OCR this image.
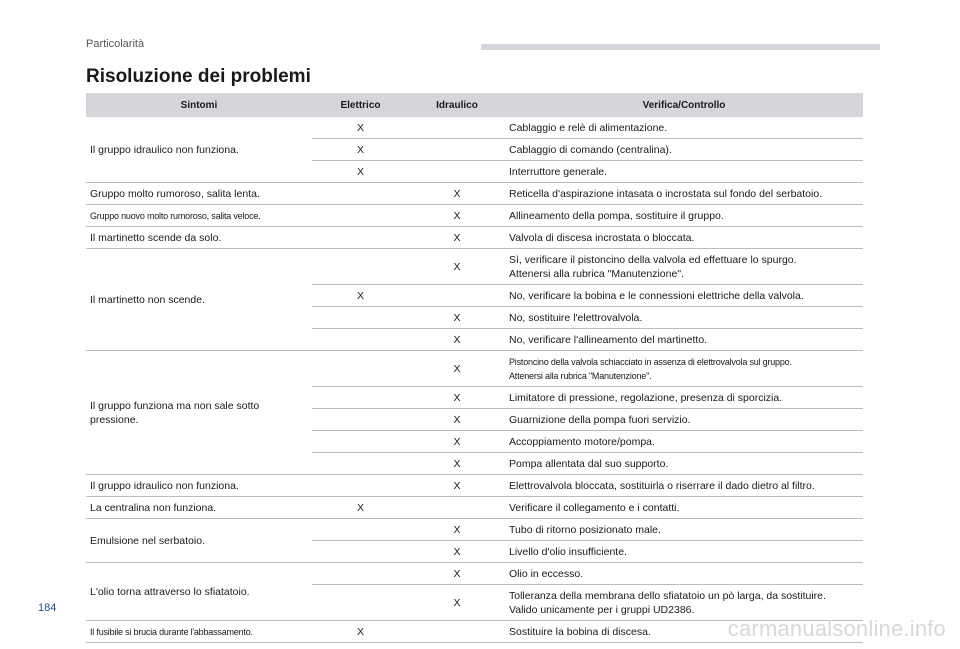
Particolarità
Risoluzione dei problemi
Sintomi	Elettrico	Idraulico	Verifica/Controllo
Il gruppo idraulico non funziona.	X		Cablaggio e relè di alimentazione.

	X		Cablaggio di comando (centralina).

	X		Interruttore generale.

Gruppo molto rumoroso, salita lenta.		X	Reticella d'aspirazione intasata o incrostata sul fondo del serbatoio.

Gruppo nuovo molto rumoroso, salita veloce.		X	Allineamento della pompa, sostituire il gruppo.

Il martinetto scende da solo.		X	Valvola di discesa incrostata o bloccata.

Il martinetto non scende.		X	Sì, verificare il pistoncino della valvola ed effettuare lo spurgo.
Attenersi alla rubrica "Manutenzione".

	X		No, verificare la bobina e le connessioni elettriche della valvola.

		X	No, sostituire l'elettrovalvola.

		X	No, verificare l'allineamento del martinetto.

Il gruppo funziona ma non sale sotto pressione.		X	Pistoncino della valvola schiacciato in assenza di elettrovalvola sul gruppo.
Attenersi alla rubrica "Manutenzione".

		X	Limitatore di pressione, regolazione, presenza di sporcizia.

		X	Guarnizione della pompa fuori servizio.

		X	Accoppiamento motore/pompa.

		X	Pompa allentata dal suo supporto.

Il gruppo idraulico non funziona.		X	Elettrovalvola bloccata, sostituirla o riserrare il dado dietro al filtro.

La centralina non funziona.	X		Verificare il collegamento e i contatti.

Emulsione nel serbatoio.		X	Tubo di ritorno posizionato male.

		X	Livello d'olio insufficiente.

L'olio torna attraverso lo sfiatatoio.		X	Olio in eccesso.

		X	Tolleranza della membrana dello sfiatatoio un pò larga, da sostituire.
Valido unicamente per i gruppi UD2386.

Il fusibile si brucia durante l'abbassamento.	X		Sostituire la bobina di discesa.
184
carmanualsonline.info
